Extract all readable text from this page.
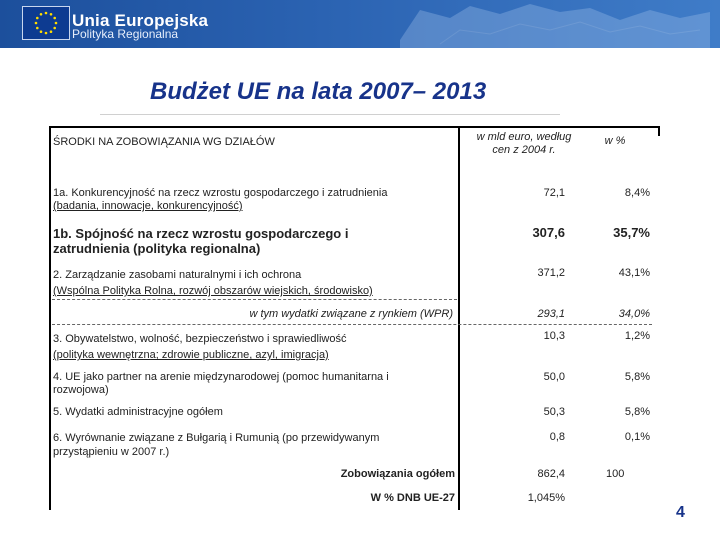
Unia Europejska
Polityka Regionalna
Budżet UE na lata 2007– 2013
ŚRODKI NA ZOBOWIĄZANIA WG DZIAŁÓW	w mld euro, według cen z 2004 r.
w %
1a. Konkurencyjność na rzecz wzrostu gospodarczego i zatrudnienia
(badania, innowacje, konkurencyjność)
72,1	8,4%
1b. Spójność na rzecz wzrostu gospodarczego i zatrudnienia (polityka regionalna)
307,6	35,7%
2. Zarządzanie zasobami naturalnymi i ich ochrona
(Wspólna Polityka Rolna, rozwój obszarów wiejskich, środowisko)
371,2	43,1%
w tym wydatki związane z rynkiem (WPR)	293,1	34,0%
3. Obywatelstwo, wolność, bezpieczeństwo i sprawiedliwość
(polityka wewnętrzna; zdrowie publiczne, azyl, imigracja)
10,3	1,2%
4. UE jako partner na arenie międzynarodowej (pomoc humanitarna i rozwojowa)
50,0	5,8%
5. Wydatki administracyjne ogółem	50,3	5,8%
6. Wyrównanie związane z Bułgarią i Rumunią (po przewidywanym przystąpieniu w 2007 r.)
0,8	0,1%
Zobowiązania ogółem	862,4	100
W % DNB UE-27	1,045%
4
